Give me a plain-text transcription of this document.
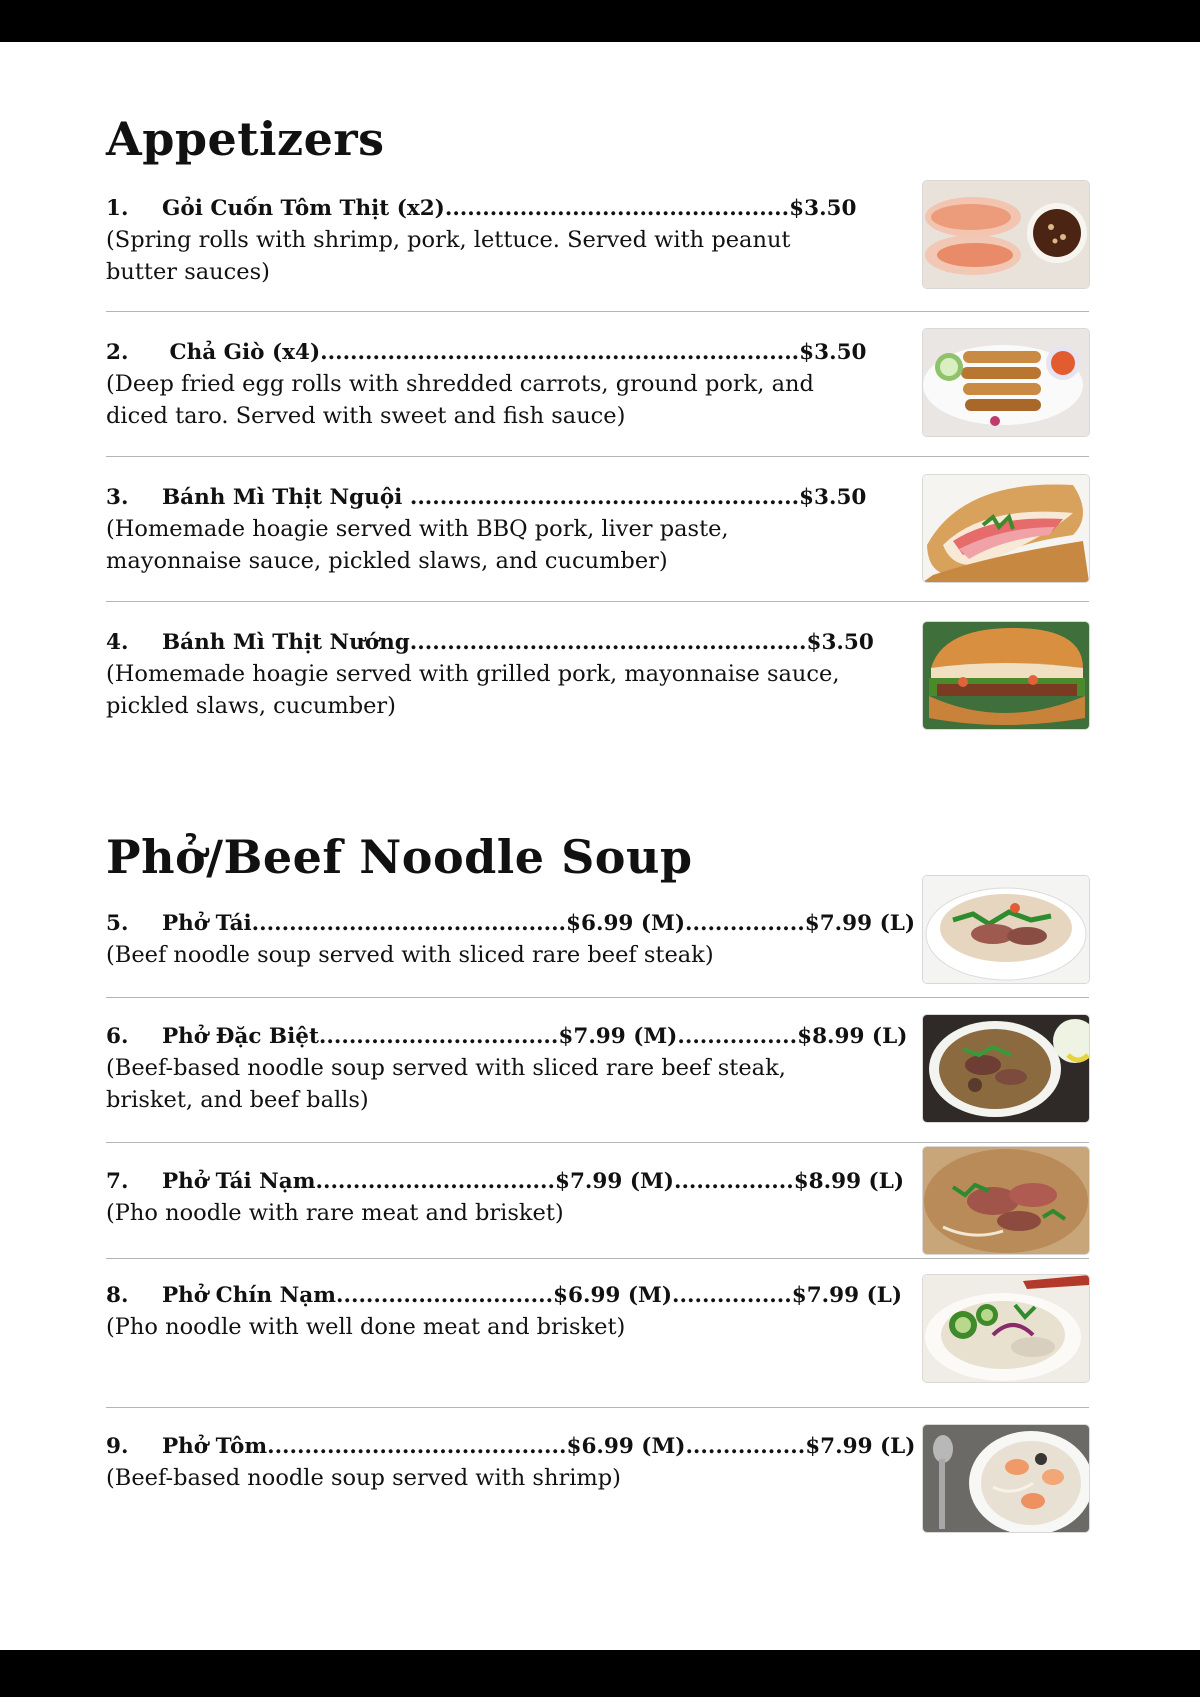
Appetizers
1. Gỏi Cuốn Tôm Thịt (x2)..............................................$3.50

(Spring rolls with shrimp, pork, lettuce. Served with peanut butter sauces)

2. Chả Giò (x4)................................................................$3.50

(Deep fried egg rolls with shredded carrots, ground pork, and diced taro. Served with sweet and fish sauce)

3. Bánh Mì Thịt Nguội ....................................................$3.50

(Homemade hoagie served with BBQ pork, liver paste, mayonnaise sauce, pickled slaws, and cucumber)

4. Bánh Mì Thịt Nướng.....................................................$3.50

(Homemade hoagie served with grilled pork, mayonnaise sauce, pickled slaws, cucumber)

Phở/Beef Noodle Soup
5. Phở Tái..........................................$6.99 (M)................$7.99 (L)

(Beef noodle soup served with sliced rare beef steak)

6. Phở Đặc Biệt................................$7.99 (M)................$8.99 (L)

(Beef-based noodle soup served with sliced rare beef steak, brisket, and beef balls)

7. Phở Tái Nạm................................$7.99 (M)................$8.99 (L)

(Pho noodle with rare meat and brisket)

8. Phở Chín Nạm.............................$6.99 (M)................$7.99 (L)

(Pho noodle with well done meat and brisket)

9. Phở Tôm........................................$6.99 (M)................$7.99 (L)

(Beef-based noodle soup served with shrimp)
